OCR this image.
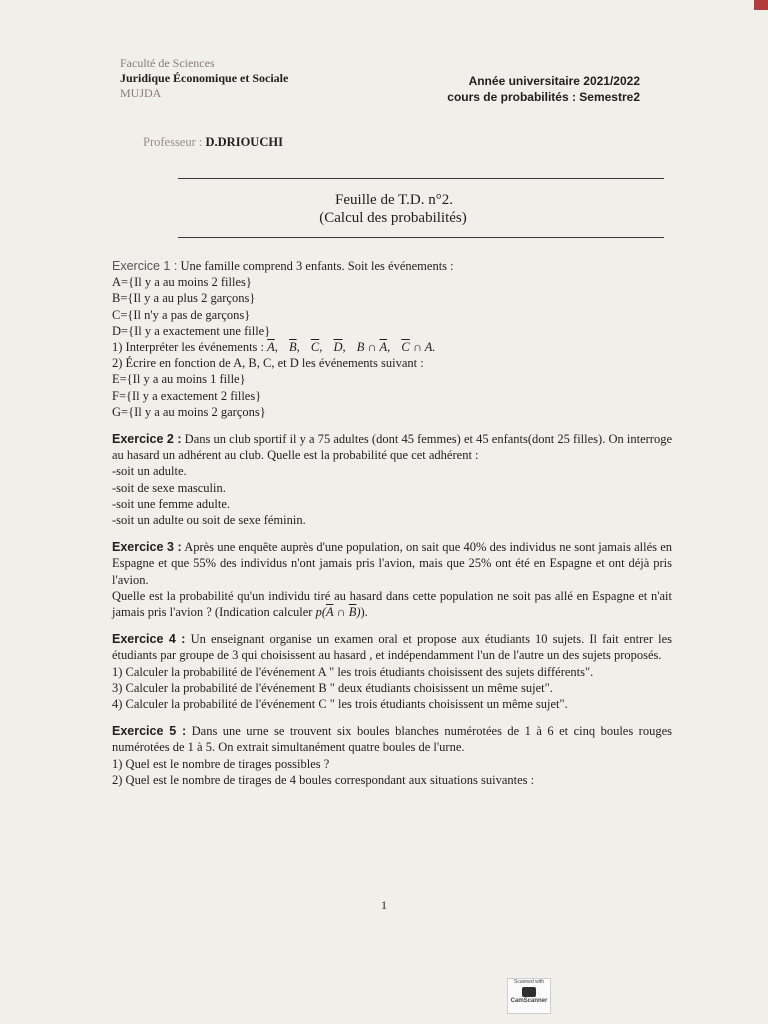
Faculté de Sciences
Juridique Économique et Sociale
MUJDA
Année universitaire 2021/2022
cours de probabilités : Semestre2
Professeur : D.DRIOUCHI
Feuille de T.D. n°2.
(Calcul des probabilités)

Exercice 1 : Une famille comprend 3 enfants. Soit les événements :

A={Il y a au moins 2 filles}

B={Il y a au plus 2 garçons}

C={Il n'y a pas de garçons}

D={Il y a exactement une fille}

1) Interpréter les événements : $\overline{A}$, $\overline{B}$, $\overline{C}$, $\overline{D}$, B ∩ $\overline{A}$, $\overline{C}$ ∩ A.

2) Écrire en fonction de A, B, C, et D les événements suivant :

E={Il y a au moins 1 fille}

F={Il y a exactement 2 filles}

G={Il y a au moins 2 garçons}

Exercice 2 : Dans un club sportif il y a 75 adultes (dont 45 femmes) et 45 enfants(dont 25 filles). On interroge au hasard un adhérent au club. Quelle est la probabilité que cet adhérent :

-soit un adulte.

-soit de sexe masculin.

-soit une femme adulte.

-soit un adulte ou soit de sexe féminin.

Exercice 3 : Après une enquête auprès d'une population, on sait que 40% des individus ne sont jamais allés en Espagne et que 55% des individus n'ont jamais pris l'avion, mais que 25% ont été en Espagne et ont déjà pris l'avion.

Quelle est la probabilité qu'un individu tiré au hasard dans cette population ne soit pas allé en Espagne et n'ait jamais pris l'avion ? (Indication calculer $p(\overline{A}$ ∩ $\overline{B}$)).

Exercice 4 : Un enseignant organise un examen oral et propose aux étudiants 10 sujets. Il fait entrer les étudiants par groupe de 3 qui choisissent au hasard , et indépendamment l'un de l'autre un des sujets proposés.

1) Calculer la probabilité de l'événement A " les trois étudiants choisissent des sujets différents".

3) Calculer la probabilité de l'événement B " deux étudiants choisissent un même sujet".

4) Calculer la probabilité de l'événement C " les trois étudiants choisissent un même sujet".

Exercice 5 : Dans une urne se trouvent six boules blanches numérotées de 1 à 6 et cinq boules rouges numérotées de 1 à 5. On extrait simultanément quatre boules de l'urne.

1) Quel est le nombre de tirages possibles ?

2) Quel est le nombre de tirages de 4 boules correspondant aux situations suivantes :

1
Scanned with
CamScanner
